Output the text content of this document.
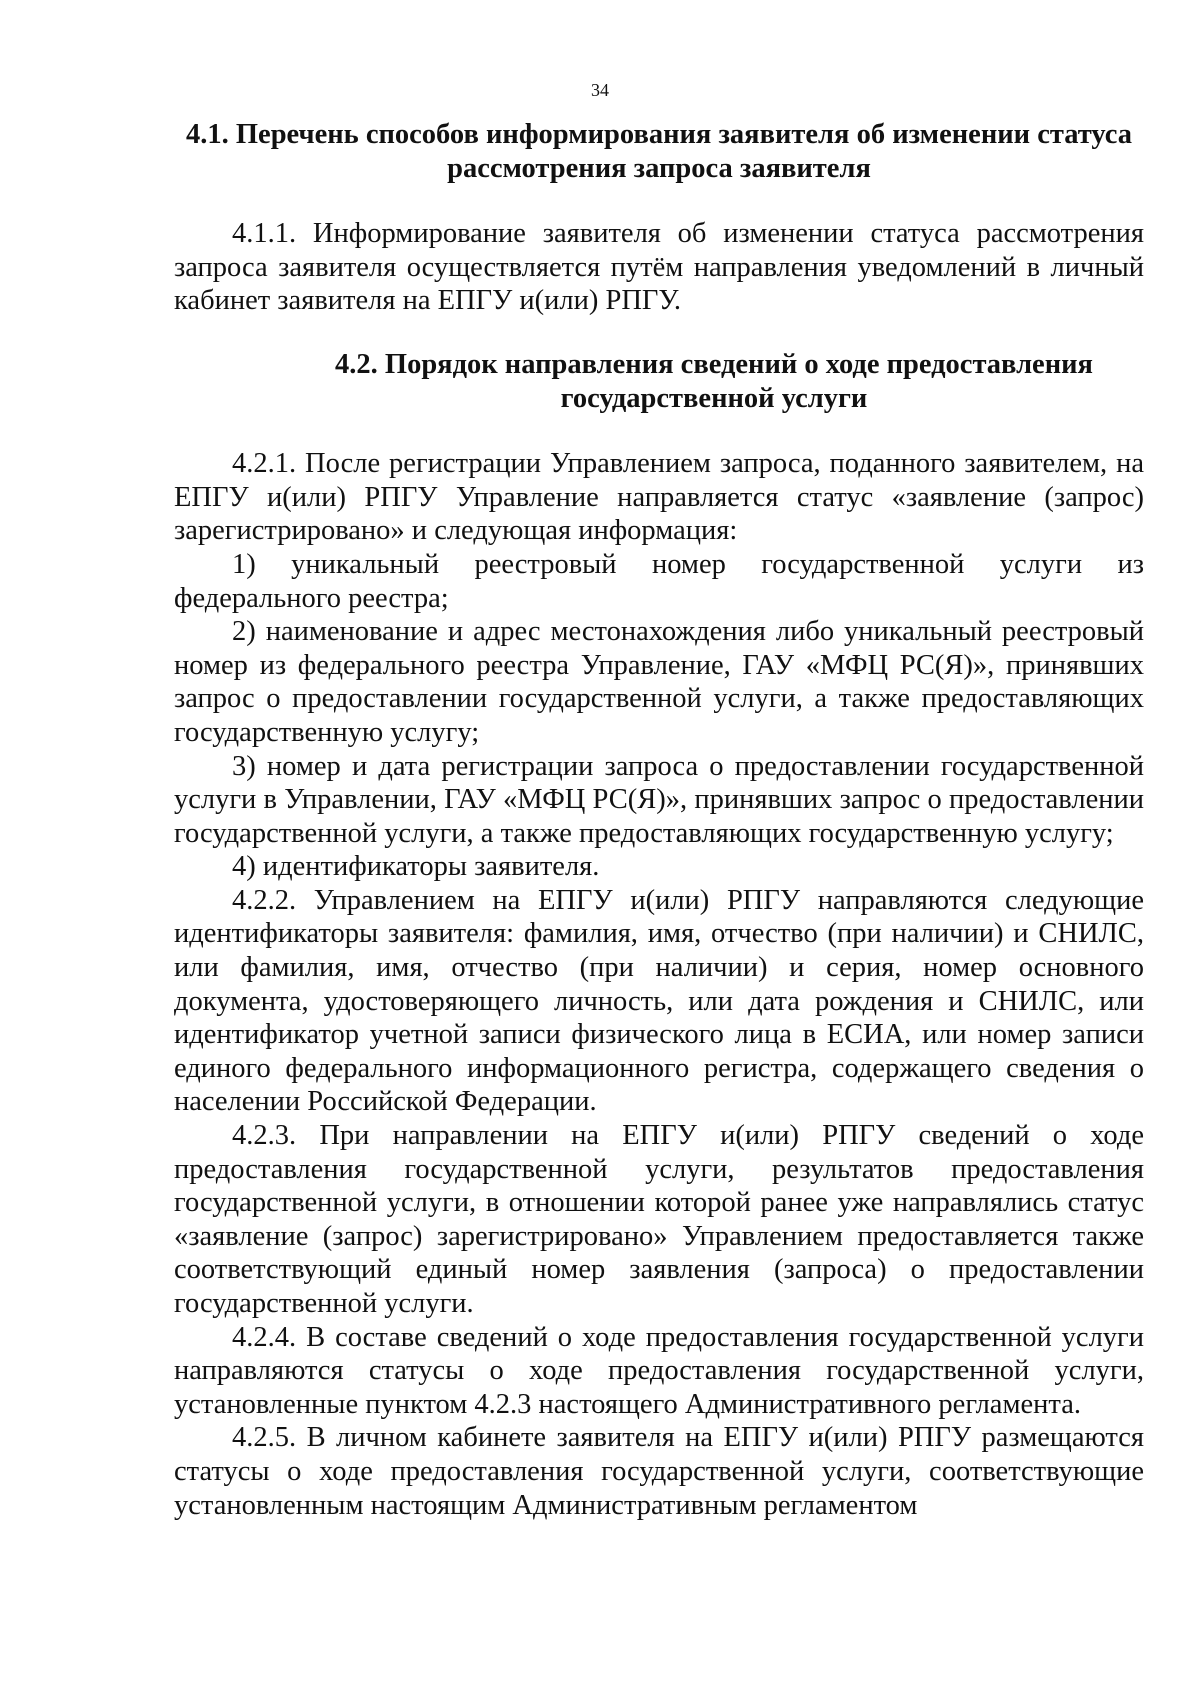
34
4.1. Перечень способов информирования заявителя об изменении статуса рассмотрения запроса заявителя

4.1.1. Информирование заявителя об изменении статуса рассмотрения запроса заявителя осуществляется путём направления уведомлений в личный кабинет заявителя на ЕПГУ и(или) РПГУ.

4.2. Порядок направления сведений о ходе предоставления государственной услуги

4.2.1. После регистрации Управлением запроса, поданного заявителем, на ЕПГУ и(или) РПГУ Управление направляется статус «заявление (запрос) зарегистрировано» и следующая информация:

1) уникальный реестровый номер государственной услуги из федерального реестра;

2) наименование и адрес местонахождения либо уникальный реестровый номер из федерального реестра Управление, ГАУ «МФЦ РС(Я)», принявших запрос о предоставлении государственной услуги, а также предоставляющих государственную услугу;

3) номер и дата регистрации запроса о предоставлении государственной услуги в Управлении, ГАУ «МФЦ РС(Я)», принявших запрос о предоставлении государственной услуги, а также предоставляющих государственную услугу;

4) идентификаторы заявителя.

4.2.2. Управлением на ЕПГУ и(или) РПГУ направляются следующие идентификаторы заявителя: фамилия, имя, отчество (при наличии) и СНИЛС, или фамилия, имя, отчество (при наличии) и серия, номер основного документа, удостоверяющего личность, или дата рождения и СНИЛС, или идентификатор учетной записи физического лица в ЕСИА, или номер записи единого федерального информационного регистра, содержащего сведения о населении Российской Федерации.

4.2.3. При направлении на ЕПГУ и(или) РПГУ сведений о ходе предоставления государственной услуги, результатов предоставления государственной услуги, в отношении которой ранее уже направлялись статус «заявление (запрос) зарегистрировано» Управлением предоставляется также соответствующий единый номер заявления (запроса) о предоставлении государственной услуги.

4.2.4. В составе сведений о ходе предоставления государственной услуги направляются статусы о ходе предоставления государственной услуги, установленные пунктом 4.2.3 настоящего Административного регламента.

4.2.5. В личном кабинете заявителя на ЕПГУ и(или) РПГУ размещаются статусы о ходе предоставления государственной услуги, соответствующие установленным настоящим Административным регламентом
